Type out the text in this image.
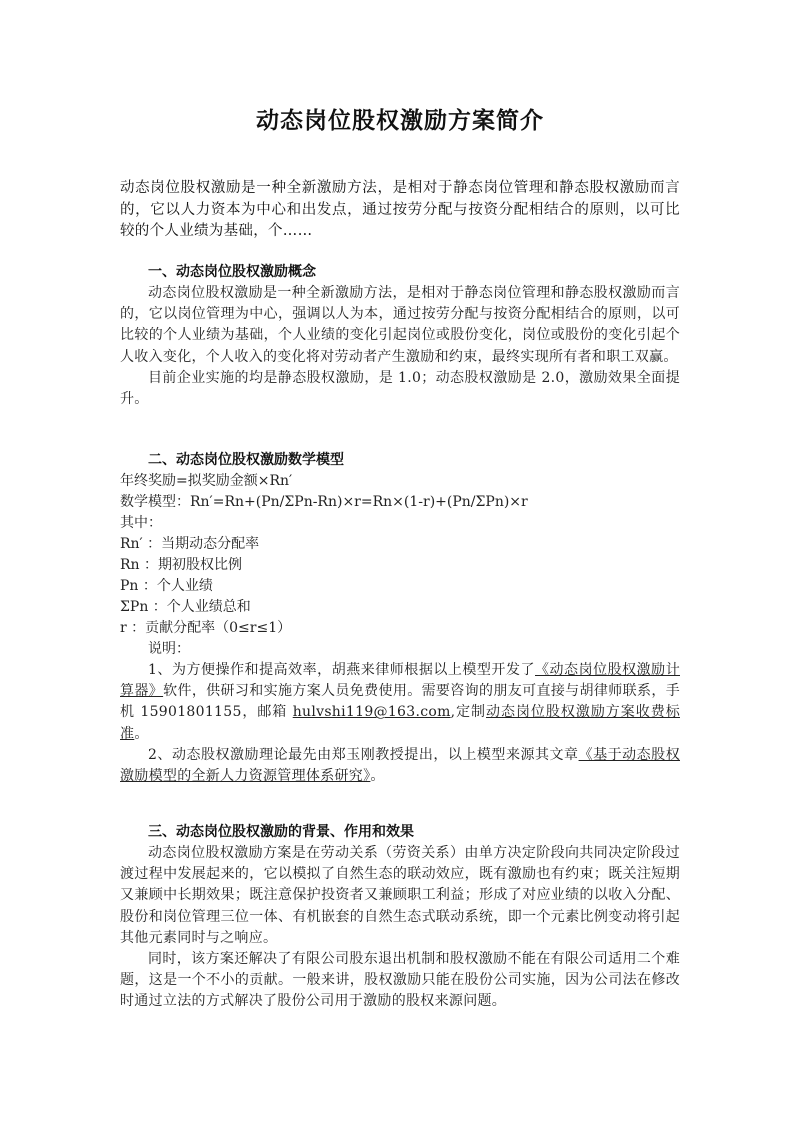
动态岗位股权激励方案简介

动态岗位股权激励是一种全新激励方法，是相对于静态岗位管理和静态股权激励而言的，它以人力资本为中心和出发点，通过按劳分配与按资分配相结合的原则，以可比较的个人业绩为基础，个……

一、动态岗位股权激励概念

动态岗位股权激励是一种全新激励方法，是相对于静态岗位管理和静态股权激励而言的，它以岗位管理为中心，强调以人为本，通过按劳分配与按资分配相结合的原则，以可比较的个人业绩为基础，个人业绩的变化引起岗位或股份变化，岗位或股份的变化引起个人收入变化，个人收入的变化将对劳动者产生激励和约束，最终实现所有者和职工双赢。

目前企业实施的均是静态股权激励，是 1.0；动态股权激励是 2.0，激励效果全面提升。

二、动态岗位股权激励数学模型

年终奖励=拟奖励金额×Rn′

数学模型：Rn′=Rn+(Pn/ΣPn-Rn)×r=Rn×(1-r)+(Pn/ΣPn)×r

其中：

Rn′ ：当期动态分配率

Rn ：期初股权比例

Pn ：个人业绩

ΣPn ：个人业绩总和

r ：贡献分配率（0≤r≤1）

说明：

1、为方便操作和提高效率，胡燕来律师根据以上模型开发了《动态岗位股权激励计算器》软件，供研习和实施方案人员免费使用。需要咨询的朋友可直接与胡律师联系，手机 15901801155，邮箱 hulvshi119@163.com,定制动态岗位股权激励方案收费标准。

2、动态股权激励理论最先由郑玉刚教授提出，以上模型来源其文章《基于动态股权激励模型的全新人力资源管理体系研究》。

三、动态岗位股权激励的背景、作用和效果

动态岗位股权激励方案是在劳动关系（劳资关系）由单方决定阶段向共同决定阶段过渡过程中发展起来的，它以模拟了自然生态的联动效应，既有激励也有约束；既关注短期又兼顾中长期效果；既注意保护投资者又兼顾职工利益；形成了对应业绩的以收入分配、股份和岗位管理三位一体、有机嵌套的自然生态式联动系统，即一个元素比例变动将引起其他元素同时与之响应。

同时，该方案还解决了有限公司股东退出机制和股权激励不能在有限公司适用二个难题，这是一个不小的贡献。一般来讲，股权激励只能在股份公司实施，因为公司法在修改时通过立法的方式解决了股份公司用于激励的股权来源问题。
